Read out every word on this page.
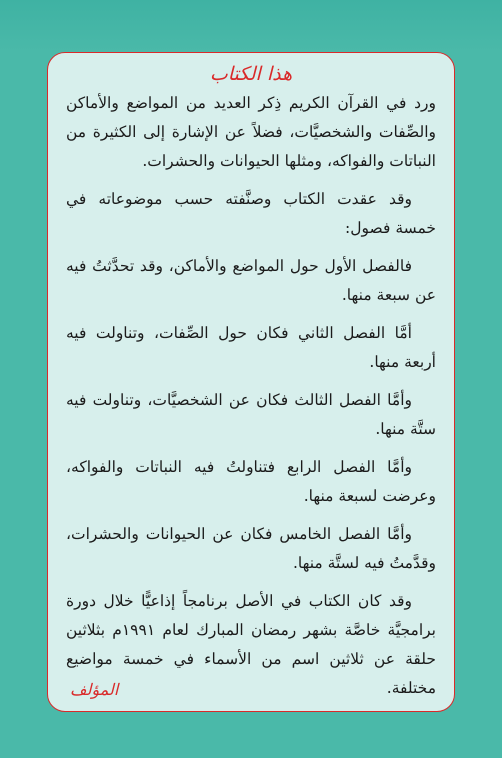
هذا الكتاب

ورد في القرآن الكريم ذِكر العديد من المواضع والأماكن والصِّفات والشخصيَّات، فضلاً عن الإشارة إلى الكثيرة من النباتات والفواكه، ومثلها الحيوانات والحشرات.

وقد عقدت الكتاب وصنَّفته حسب موضوعاته في خمسة فصول:

فالفصل الأول حول المواضع والأماكن، وقد تحدَّثتُ فيه عن سبعة منها.

أمَّا الفصل الثاني فكان حول الصِّفات، وتناولت فيه أربعة منها.

وأمَّا الفصل الثالث فكان عن الشخصيَّات، وتناولت فيه ستَّة منها.

وأمَّا الفصل الرابع فتناولتُ فيه النباتات والفواكه، وعرضت لسبعة منها.

وأمَّا الفصل الخامس فكان عن الحيوانات والحشرات، وقدَّمتُ فيه لستَّة منها.

وقد كان الكتاب في الأصل برنامجاً إذاعيًّا خلال دورة برامجيَّة خاصَّة بشهر رمضان المبارك لعام ١٩٩١م بثلاثين حلقة عن ثلاثين اسم من الأسماء في خمسة مواضيع مختلفة.

المؤلف
